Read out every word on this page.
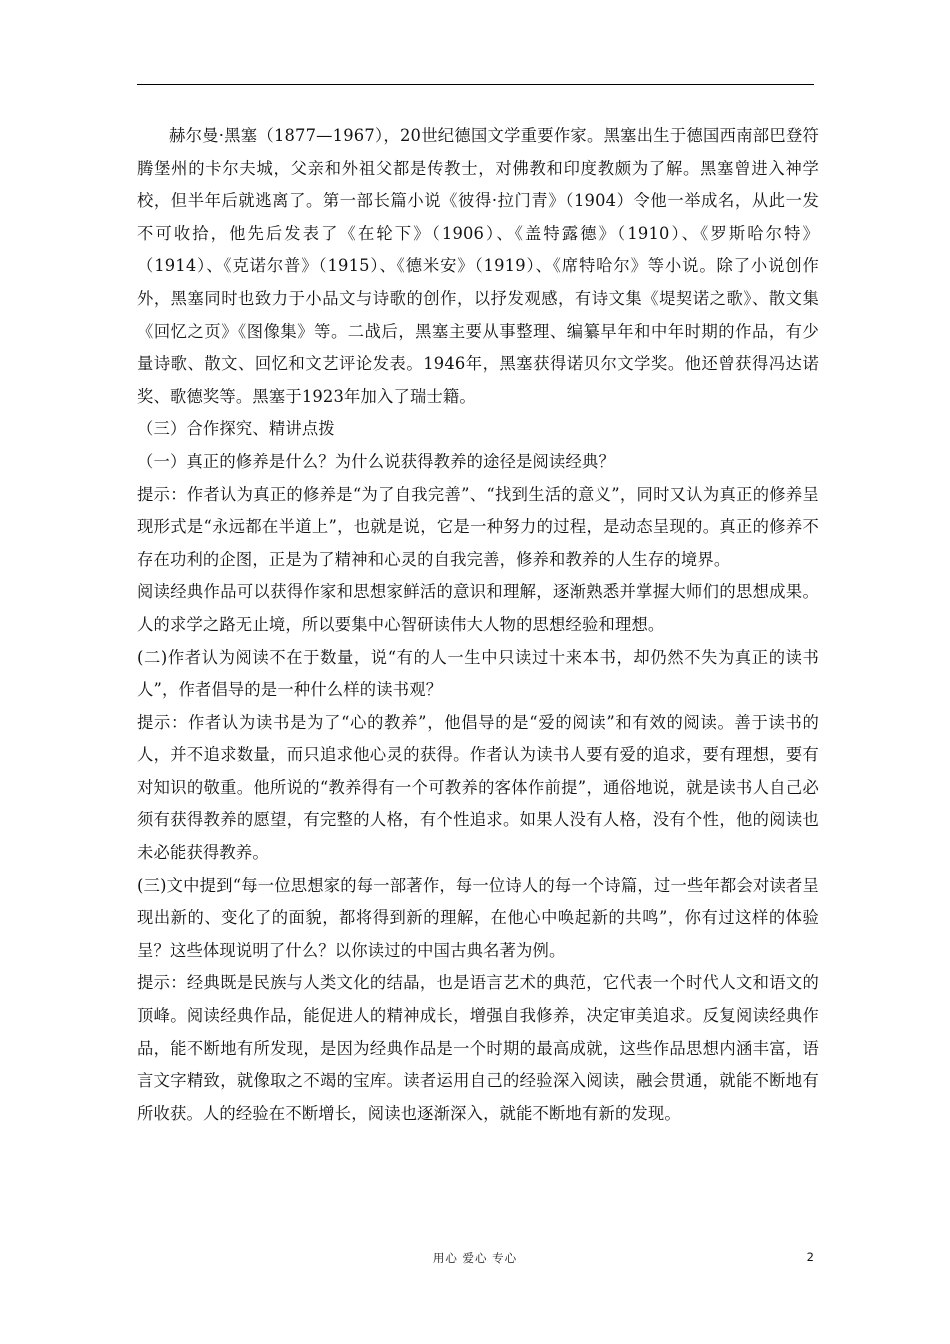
赫尔曼·黑塞（1877—1967），20世纪德国文学重要作家。黑塞出生于德国西南部巴登符腾堡州的卡尔夫城，父亲和外祖父都是传教士，对佛教和印度教颇为了解。黑塞曾进入神学校，但半年后就逃离了。第一部长篇小说《彼得·拉门青》（1904）令他一举成名，从此一发不可收拾，他先后发表了《在轮下》（1906）、《盖特露德》（1910）、《罗斯哈尔特》（1914）、《克诺尔普》（1915）、《德米安》（1919）、《席特哈尔》等小说。除了小说创作外，黑塞同时也致力于小品文与诗歌的创作，以抒发观感，有诗文集《堤契诺之歌》、散文集《回忆之页》《图像集》等。二战后，黑塞主要从事整理、编纂早年和中年时期的作品，有少量诗歌、散文、回忆和文艺评论发表。1946年，黑塞获得诺贝尔文学奖。他还曾获得冯达诺奖、歌德奖等。黑塞于1923年加入了瑞士籍。

（三）合作探究、精讲点拨

（一）真正的修养是什么？为什么说获得教养的途径是阅读经典？

提示：作者认为真正的修养是“为了自我完善”、“找到生活的意义”，同时又认为真正的修养呈现形式是“永远都在半道上”，也就是说，它是一种努力的过程，是动态呈现的。真正的修养不存在功利的企图，正是为了精神和心灵的自我完善，修养和教养的人生存的境界。

阅读经典作品可以获得作家和思想家鲜活的意识和理解，逐渐熟悉并掌握大师们的思想成果。人的求学之路无止境，所以要集中心智研读伟大人物的思想经验和理想。

(二)作者认为阅读不在于数量，说“有的人一生中只读过十来本书，却仍然不失为真正的读书人”，作者倡导的是一种什么样的读书观？

提示：作者认为读书是为了“心的教养”，他倡导的是“爱的阅读”和有效的阅读。善于读书的人，并不追求数量，而只追求他心灵的获得。作者认为读书人要有爱的追求，要有理想，要有对知识的敬重。他所说的“教养得有一个可教养的客体作前提”，通俗地说，就是读书人自己必须有获得教养的愿望，有完整的人格，有个性追求。如果人没有人格，没有个性，他的阅读也未必能获得教养。

(三)文中提到“每一位思想家的每一部著作，每一位诗人的每一个诗篇，过一些年都会对读者呈现出新的、变化了的面貌，都将得到新的理解，在他心中唤起新的共鸣”，你有过这样的体验呈？这些体现说明了什么？以你读过的中国古典名著为例。

提示：经典既是民族与人类文化的结晶，也是语言艺术的典范，它代表一个时代人文和语文的顶峰。阅读经典作品，能促进人的精神成长，增强自我修养，决定审美追求。反复阅读经典作品，能不断地有所发现，是因为经典作品是一个时期的最高成就，这些作品思想内涵丰富，语言文字精致，就像取之不竭的宝库。读者运用自己的经验深入阅读，融会贯通，就能不断地有所收获。人的经验在不断增长，阅读也逐渐深入，就能不断地有新的发现。

用心 爱心 专心	2
